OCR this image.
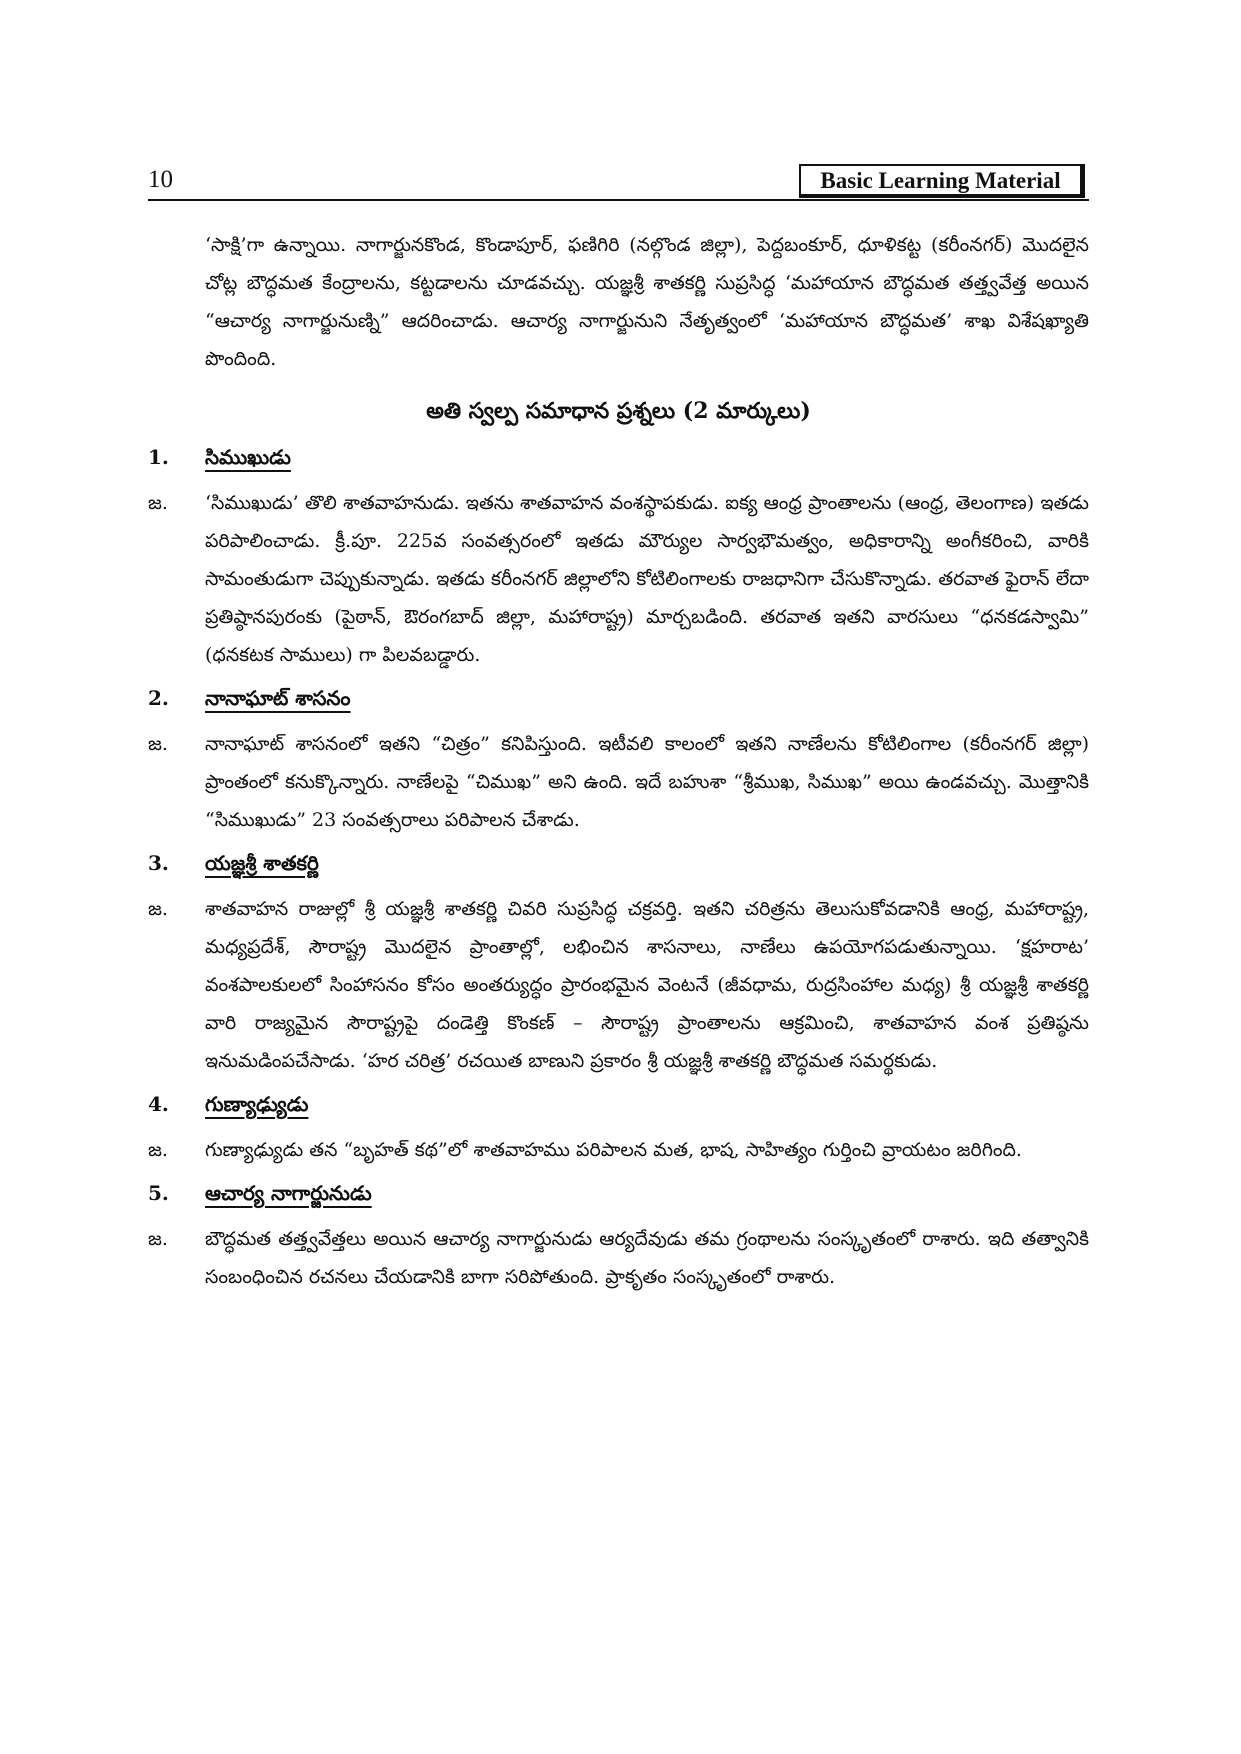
10	Basic Learning Material

‘సాక్షి’గా ఉన్నాయి. నాగార్జునకొండ, కొండాపూర్, ఫణిగిరి (నల్గొండ జిల్లా), పెద్దబంకూర్, ధూళికట్ట (కరీంనగర్) మొదలైన చోట్ల బౌద్ధమత కేంద్రాలను, కట్టడాలను చూడవచ్చు. యజ్ఞశ్రీ శాతకర్ణి సుప్రసిద్ధ ‘మహాయాన బౌద్ధమత తత్త్వవేత్త అయిన “ఆచార్య నాగార్జునుణ్ని” ఆదరించాడు. ఆచార్య నాగార్జునుని నేతృత్వంలో ‘మహాయాన బౌద్ధమత’ శాఖ విశేషఖ్యాతి పొందింది.

అతి స్వల్ప సమాధాన ప్రశ్నలు (2 మార్కులు)
1.	సిముఖుడు
జ.	‘సిముఖుడు’ తొలి శాతవాహనుడు. ఇతను శాతవాహన వంశస్థాపకుడు. ఐక్య ఆంధ్ర ప్రాంతాలను (ఆంధ్ర, తెలంగాణ) ఇతడు పరిపాలించాడు. క్రీ.పూ. 225వ సంవత్సరంలో ఇతడు మౌర్యుల సార్వభౌమత్వం, అధికారాన్ని అంగీకరించి, వారికి సామంతుడుగా చెప్పుకున్నాడు. ఇతడు కరీంనగర్ జిల్లాలోని కోటిలింగాలకు రాజధానిగా చేసుకొన్నాడు. తరవాత ఫైరాన్ లేదా ప్రతిష్ఠానపురంకు (పైఠాన్, ఔరంగబాద్ జిల్లా, మహారాష్ట్ర) మార్చబడింది. తరవాత ఇతని వారసులు “ధనకడస్వామి” (ధనకటక సాములు) గా పిలవబడ్డారు.

2.	నానాఘాట్ శాసనం
జ.	నానాఘాట్ శాసనంలో ఇతని “చిత్రం” కనిపిస్తుంది. ఇటీవలి కాలంలో ఇతని నాణేలను కోటిలింగాల (కరీంనగర్ జిల్లా) ప్రాంతంలో కనుక్కొన్నారు. నాణేలపై “చిముఖ” అని ఉంది. ఇదే బహుశా “శ్రీముఖ, సిముఖ” అయి ఉండవచ్చు. మొత్తానికి “సిముఖుడు” 23 సంవత్సరాలు పరిపాలన చేశాడు.

3.	యజ్ఞశ్రీ శాతకర్ణి
జ.	శాతవాహన రాజుల్లో శ్రీ యజ్ఞశ్రీ శాతకర్ణి చివరి సుప్రసిద్ధ చక్రవర్తి. ఇతని చరిత్రను తెలుసుకోవడానికి ఆంధ్ర, మహారాష్ట్ర, మధ్యప్రదేశ్, సౌరాష్ట్ర మొదలైన ప్రాంతాల్లో, లభించిన శాసనాలు, నాణేలు ఉపయోగపడుతున్నాయి. ‘క్షహరాట’ వంశపాలకులలో సింహాసనం కోసం అంతర్యుద్ధం ప్రారంభమైన వెంటనే (జీవధామ, రుద్రసింహాల మధ్య) శ్రీ యజ్ఞశ్రీ శాతకర్ణి వారి రాజ్యమైన సౌరాష్ట్రపై దండెత్తి కొంకణ్ – సౌరాష్ట్ర ప్రాంతాలను ఆక్రమించి, శాతవాహన వంశ ప్రతిష్ఠను ఇనుమడింపచేసాడు. ‘హర చరిత్ర’ రచయిత బాణుని ప్రకారం శ్రీ యజ్ఞశ్రీ శాతకర్ణి బౌద్ధమత సమర్థకుడు.

4.	గుణ్యాఢ్యుడు
జ.	గుణ్యాఢ్యుడు తన “బృహత్ కథ”లో శాతవాహము పరిపాలన మత, భాష, సాహిత్యం గుర్తించి వ్రాయటం జరిగింది.

5.	ఆచార్య నాగార్జునుడు
జ.	బౌద్ధమత తత్త్వవేత్తలు అయిన ఆచార్య నాగార్జునుడు ఆర్యదేవుడు తమ గ్రంథాలను సంస్కృతంలో రాశారు. ఇది తత్వానికి సంబంధించిన రచనలు చేయడానికి బాగా సరిపోతుంది. ప్రాకృతం సంస్కృతంలో రాశారు.
